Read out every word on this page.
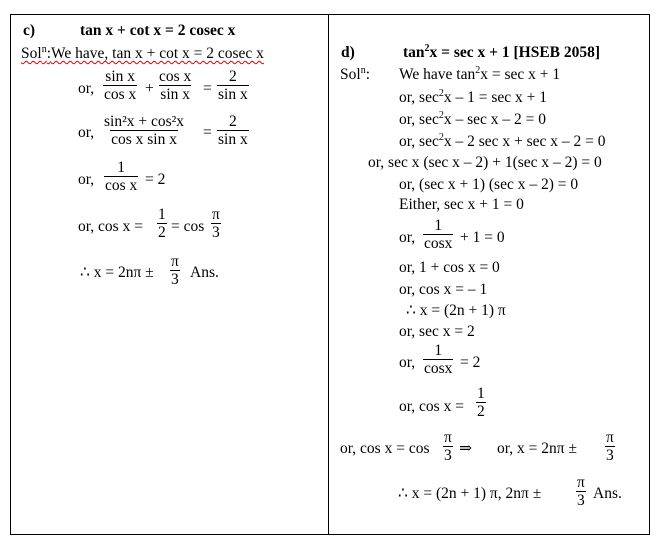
c)	tan x + cot x = 2 cosec x
Sol$^n$:We have, tan x + cot x = 2 cosec x
or,
sin x
cos x +
cos x
sin x =
2
sin x
or,
sin²x + cos²x
cos x sin x =
2
sin x
or,
1
cos x = 2
or, cos x =
1
2 = cos
π
3
∴ x = 2nπ ±
π
3 Ans.
d)	$\tan^2x = \sec x + 1$ [HSEB 2058]
Sol$^n$: We have $\tan^2x = \sec x + 1$
or, $\sec^2x - 1 = \sec x + 1$
or, $\sec^2x - \sec x - 2 = 0$
or, $\sec^2x - 2$ sec x + sec x – 2 = 0
or, sec x (sec x – 2) + 1(sec x – 2) = 0
or, (sec x + 1) (sec x – 2) = 0
Either, sec x + 1 = 0
or,
1
cosx + 1 = 0
or, 1 + cos x = 0
or, cos x = – 1
∴ x = (2n + 1) π
or, sec x = 2
or,
1
cosx = 2
or, cos x =
1
2
or, cos x = cos
π
3 ⇒ or, x = 2nπ ±
π
3
∴ x = (2n + 1) π, 2nπ ±
π
3 Ans.
